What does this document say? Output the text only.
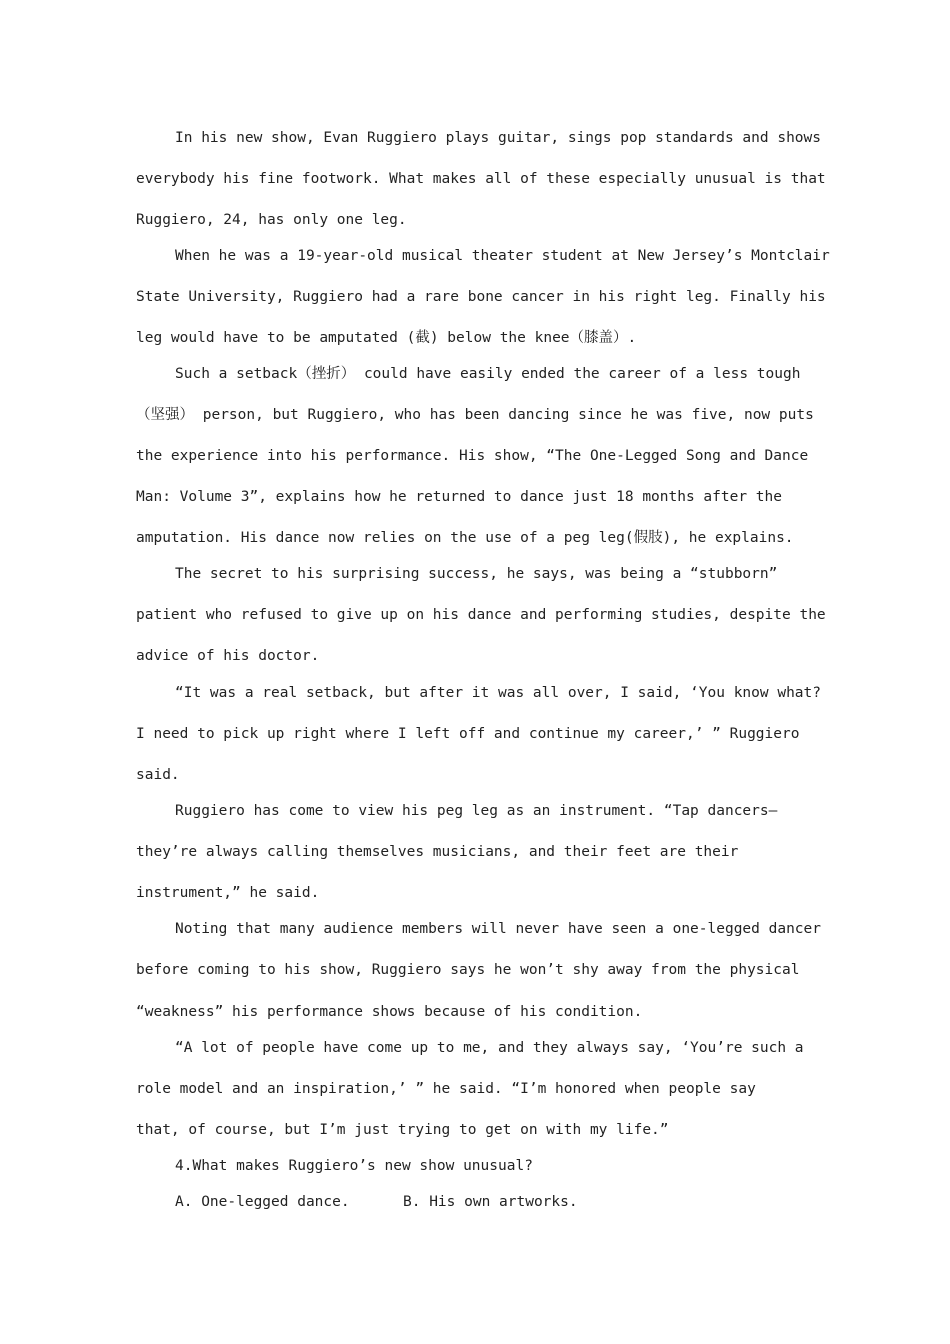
In his new show, Evan Ruggiero plays guitar, sings pop standards and shows
everybody his fine footwork. What makes all of these especially unusual is that
Ruggiero, 24, has only one leg.
When he was a 19-year-old musical theater student at New Jersey’s Montclair
State University, Ruggiero had a rare bone cancer in his right leg. Finally his
leg would have to be amputated (截) below the knee（膝盖）.
Such a setback（挫折） could have easily ended the career of a less tough
（坚强） person, but Ruggiero, who has been dancing since he was five, now puts
the experience into his performance. His show, “The One-Legged Song and Dance
Man: Volume 3”, explains how he returned to dance just 18 months after the
amputation. His dance now relies on the use of a peg leg(假肢), he explains.
The secret to his surprising success, he says, was being a “stubborn”
patient who refused to give up on his dance and performing studies, despite the
advice of his doctor.
“It was a real setback, but after it was all over, I said, ‘You know what?
I need to pick up right where I left off and continue my career,’ ” Ruggiero
said.
Ruggiero has come to view his peg leg as an instrument. “Tap dancers—
they’re always calling themselves musicians, and their feet are their
instrument,” he said.
Noting that many audience members will never have seen a one-legged dancer
before coming to his show, Ruggiero says he won’t shy away from the physical
“weakness” his performance shows because of his condition.
“A lot of people have come up to me, and they always say, ‘You’re such a
role model and an inspiration,’ ” he said. “I’m honored when people say
that, of course, but I’m just trying to get on with my life.”
4.What makes Ruggiero’s new show unusual?
A. One-legged dance.	B. His own artworks.
